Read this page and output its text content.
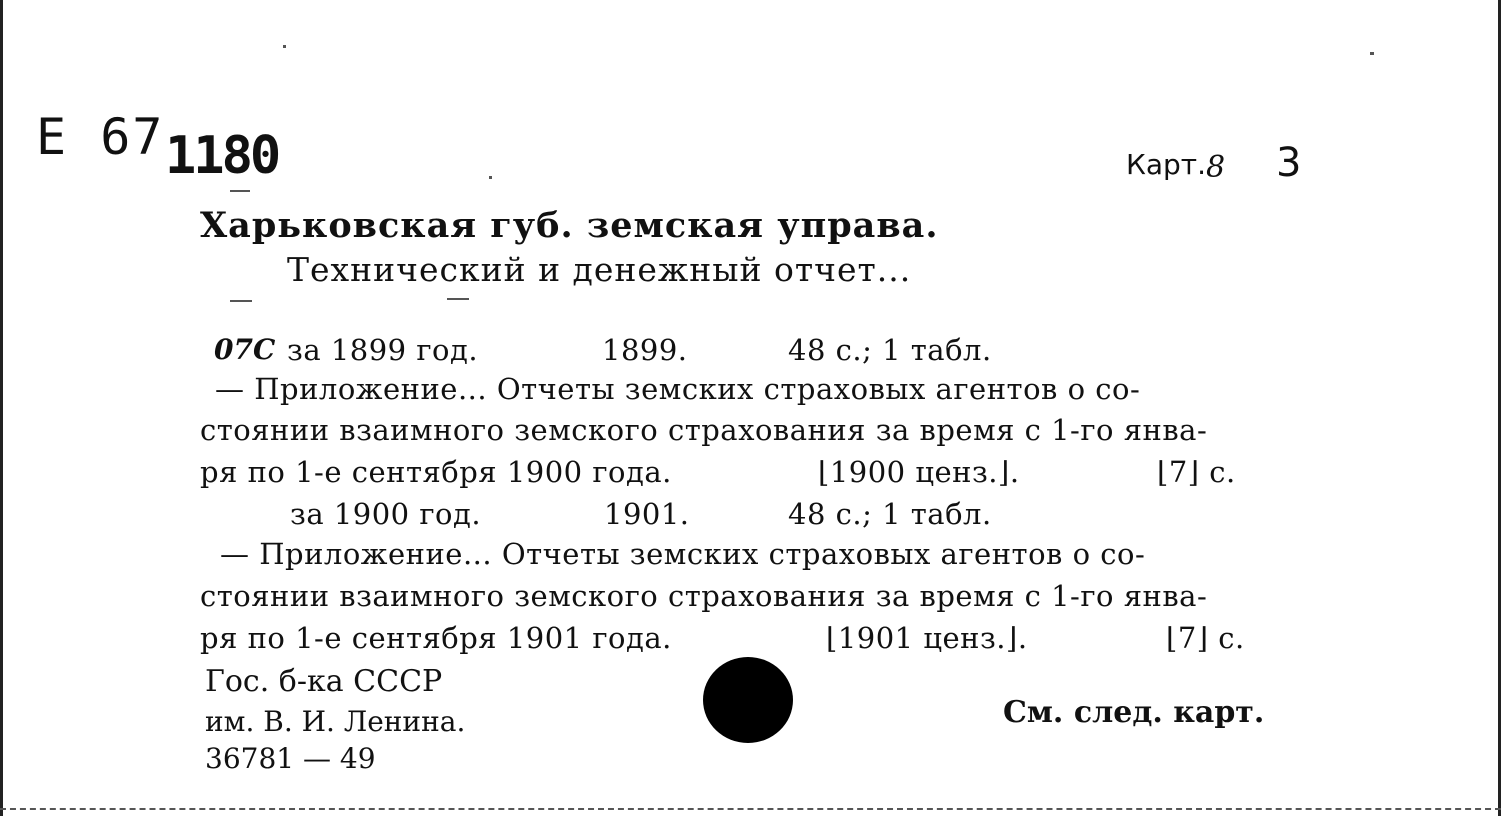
E 67 1180	Карт. 8 3
Харьковская губ. земская управа.
Технический и денежный отчет...
07C за 1899 год.	1899.	48 с.; 1 табл.
— Приложение... Отчеты земских страховых агентов о со-
стоянии взаимного земского страхования за время с 1-го янва-
ря по 1-е сентября 1900 года.	⌊1900 ценз.⌋.	⌊7⌋ с.
за 1900 год.	1901.	48 с.; 1 табл.
— Приложение... Отчеты земских страховых агентов о со-
стоянии взаимного земского страхования за время с 1-го янва-
ря по 1-е сентября 1901 года.	⌊1901 ценз.⌋.	⌊7⌋ с.
Гос. б-ка СССР
им. В. И. Ленина.
36781 — 49
См. след. карт.
